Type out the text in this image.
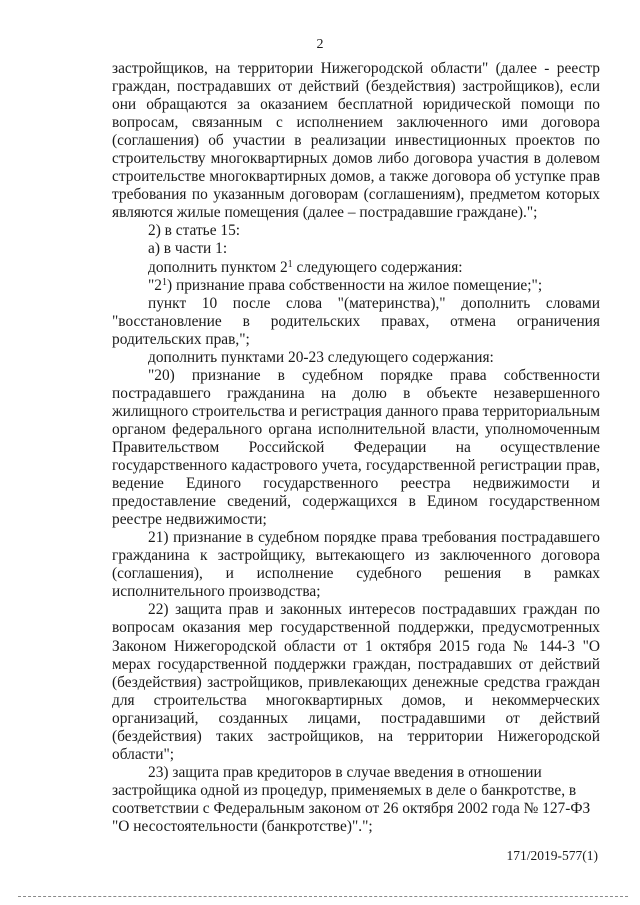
2

застройщиков, на территории Нижегородской области" (далее - реестр граждан, пострадавших от действий (бездействия) застройщиков), если они обращаются за оказанием бесплатной юридической помощи по вопросам, связанным с исполнением заключенного ими договора (соглашения) об участии в реализации инвестиционных проектов по строительству многоквартирных домов либо договора участия в долевом строительстве многоквартирных домов, а также договора об уступке прав требования по указанным договорам (соглашениям), предметом которых являются жилые помещения (далее – пострадавшие граждане).";

2) в статье 15:

а) в части 1:

дополнить пунктом $2^1$ следующего содержания:

"$2^1$) признание права собственности на жилое помещение;";

пункт 10 после слова "(материнства)," дополнить словами "восстановление в родительских правах, отмена ограничения родительских прав,";

дополнить пунктами 20-23 следующего содержания:

"20) признание в судебном порядке права собственности пострадавшего гражданина на долю в объекте незавершенного жилищного строительства и регистрация данного права территориальным органом федерального органа исполнительной власти, уполномоченным Правительством Российской Федерации на осуществление государственного кадастрового учета, государственной регистрации прав, ведение Единого государственного реестра недвижимости и предоставление сведений, содержащихся в Едином государственном реестре недвижимости;

21) признание в судебном порядке права требования пострадавшего гражданина к застройщику, вытекающего из заключенного договора (соглашения), и исполнение судебного решения в рамках исполнительного производства;

22) защита прав и законных интересов пострадавших граждан по вопросам оказания мер государственной поддержки, предусмотренных Законом Нижегородской области от 1 октября 2015 года № 144-З "О мерах государственной поддержки граждан, пострадавших от действий (бездействия) застройщиков, привлекающих денежные средства граждан для строительства многоквартирных домов, и некоммерческих организаций, созданных лицами, пострадавшими от действий (бездействия) таких застройщиков, на территории Нижегородской области";

23) защита прав кредиторов в случае введения в отношении застройщика одной из процедур, применяемых в деле о банкротстве, в соответствии с Федеральным законом от 26 октября 2002 года № 127-ФЗ "О несостоятельности (банкротстве)".";

171/2019-577(1)
